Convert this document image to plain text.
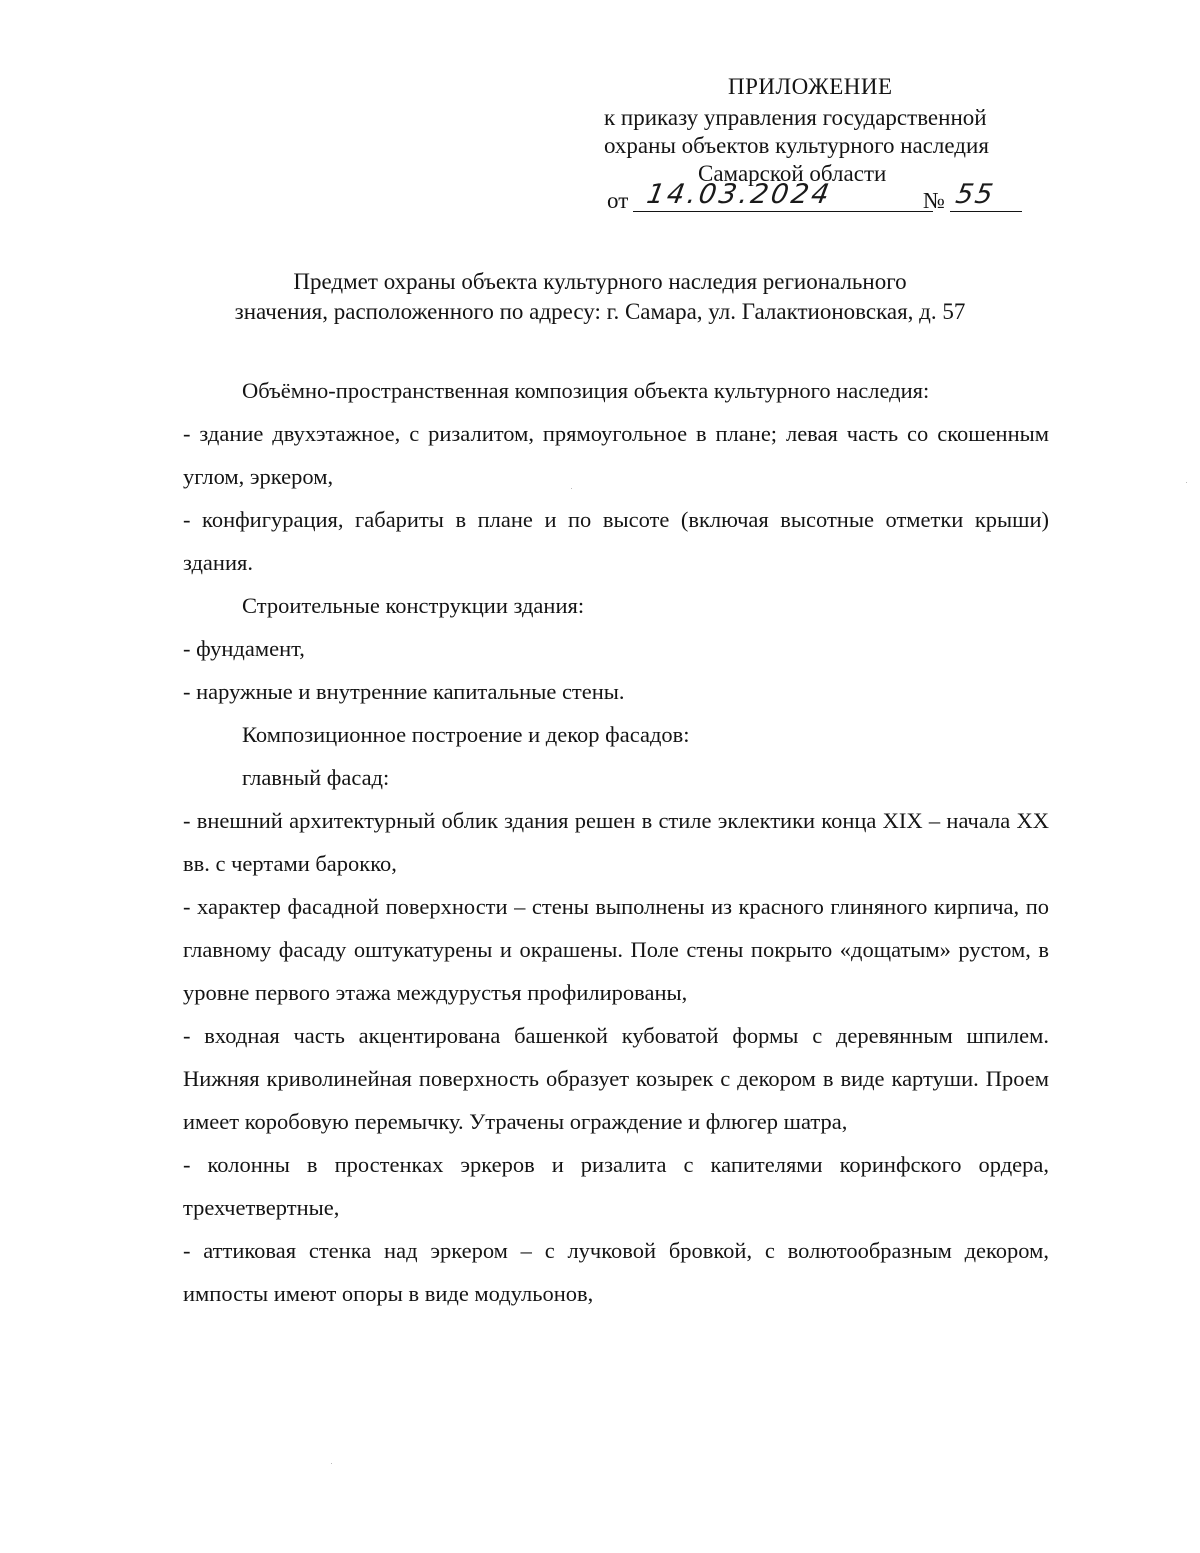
ПРИЛОЖЕНИЕ
к приказу управления государственной
охраны объектов культурного наследия
Самарской области
от 14.03.2024	№ 55
Предмет охраны объекта культурного наследия регионального
значения, расположенного по адресу: г. Самара, ул. Галактионовская, д. 57

Объёмно-пространственная композиция объекта культурного наследия:

- здание двухэтажное, с ризалитом, прямоугольное в плане; левая часть со скошенным углом, эркером,

- конфигурация, габариты в плане и по высоте (включая высотные отметки крыши) здания.

Строительные конструкции здания:

- фундамент,

- наружные и внутренние капитальные стены.

Композиционное построение и декор фасадов:

главный фасад:

- внешний архитектурный облик здания решен в стиле эклектики конца XIX – начала XX вв. с чертами барокко,

- характер фасадной поверхности – стены выполнены из красного глиняного кирпича, по главному фасаду оштукатурены и окрашены. Поле стены покрыто «дощатым» рустом, в уровне первого этажа междурустья профилированы,

- входная часть акцентирована башенкой кубоватой формы с деревянным шпилем. Нижняя криволинейная поверхность образует козырек с декором в виде картуши. Проем имеет коробовую перемычку. Утрачены ограждение и флюгер шатра,

- колонны в простенках эркеров и ризалита с капителями коринфского ордера, трехчетвертные,

- аттиковая стенка над эркером – с лучковой бровкой, с волютообразным декором, импосты имеют опоры в виде модульонов,
